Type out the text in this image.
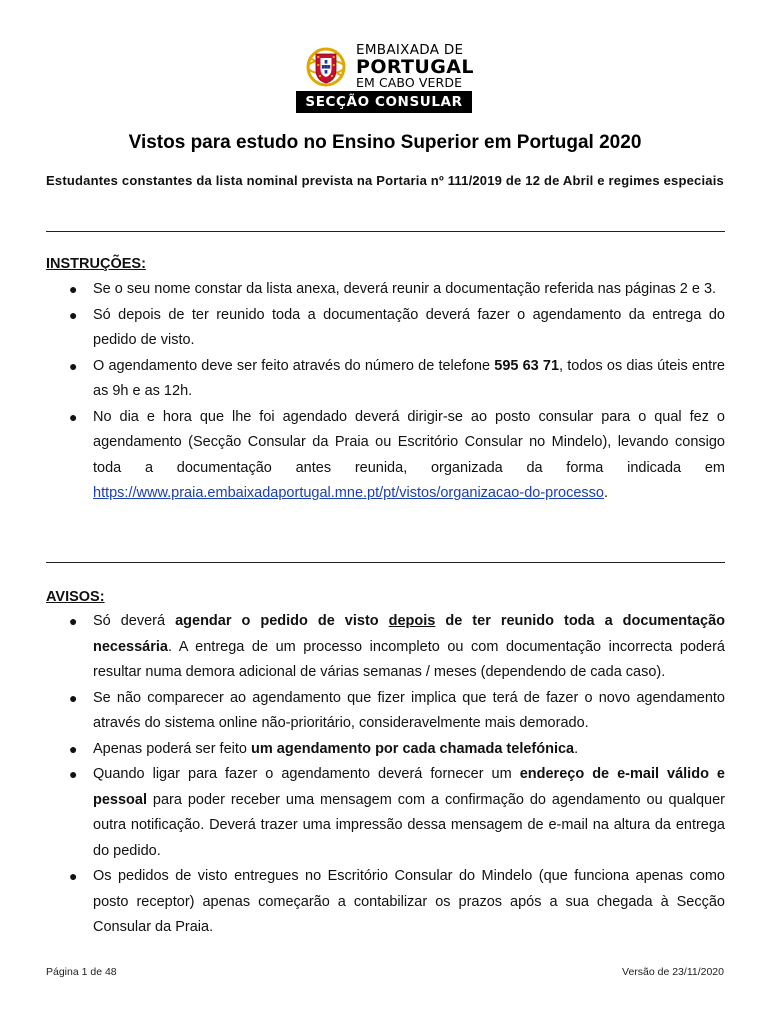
EMBAIXADA DE
PORTUGAL
EM CABO VERDE
SECÇÃO CONSULAR
Vistos para estudo no Ensino Superior em Portugal 2020
Estudantes constantes da lista nominal prevista na Portaria nº 111/2019 de 12 de Abril e regimes especiais
INSTRUÇÕES:
● Se o seu nome constar da lista anexa, deverá reunir a documentação referida nas páginas 2 e 3.
● Só depois de ter reunido toda a documentação deverá fazer o agendamento da entrega do pedido de visto.
● O agendamento deve ser feito através do número de telefone 595 63 71, todos os dias úteis entre as 9h e as 12h.
● No dia e hora que lhe foi agendado deverá dirigir-se ao posto consular para o qual fez o agendamento (Secção Consular da Praia ou Escritório Consular no Mindelo), levando consigo toda a documentação antes reunida, organizada da forma indicada em https://www.praia.embaixadaportugal.mne.pt/pt/vistos/organizacao-do-processo.
AVISOS:
● Só deverá agendar o pedido de visto depois de ter reunido toda a documentação necessária. A entrega de um processo incompleto ou com documentação incorrecta poderá resultar numa demora adicional de várias semanas / meses (dependendo de cada caso).
● Se não comparecer ao agendamento que fizer implica que terá de fazer o novo agendamento através do sistema online não-prioritário, consideravelmente mais demorado.
● Apenas poderá ser feito um agendamento por cada chamada telefónica.
● Quando ligar para fazer o agendamento deverá fornecer um endereço de e-mail válido e pessoal para poder receber uma mensagem com a confirmação do agendamento ou qualquer outra notificação. Deverá trazer uma impressão dessa mensagem de e-mail na altura da entrega do pedido.
● Os pedidos de visto entregues no Escritório Consular do Mindelo (que funciona apenas como posto receptor) apenas começarão a contabilizar os prazos após a sua chegada à Secção Consular da Praia.
Página 1 de 48	Versão de 23/11/2020
